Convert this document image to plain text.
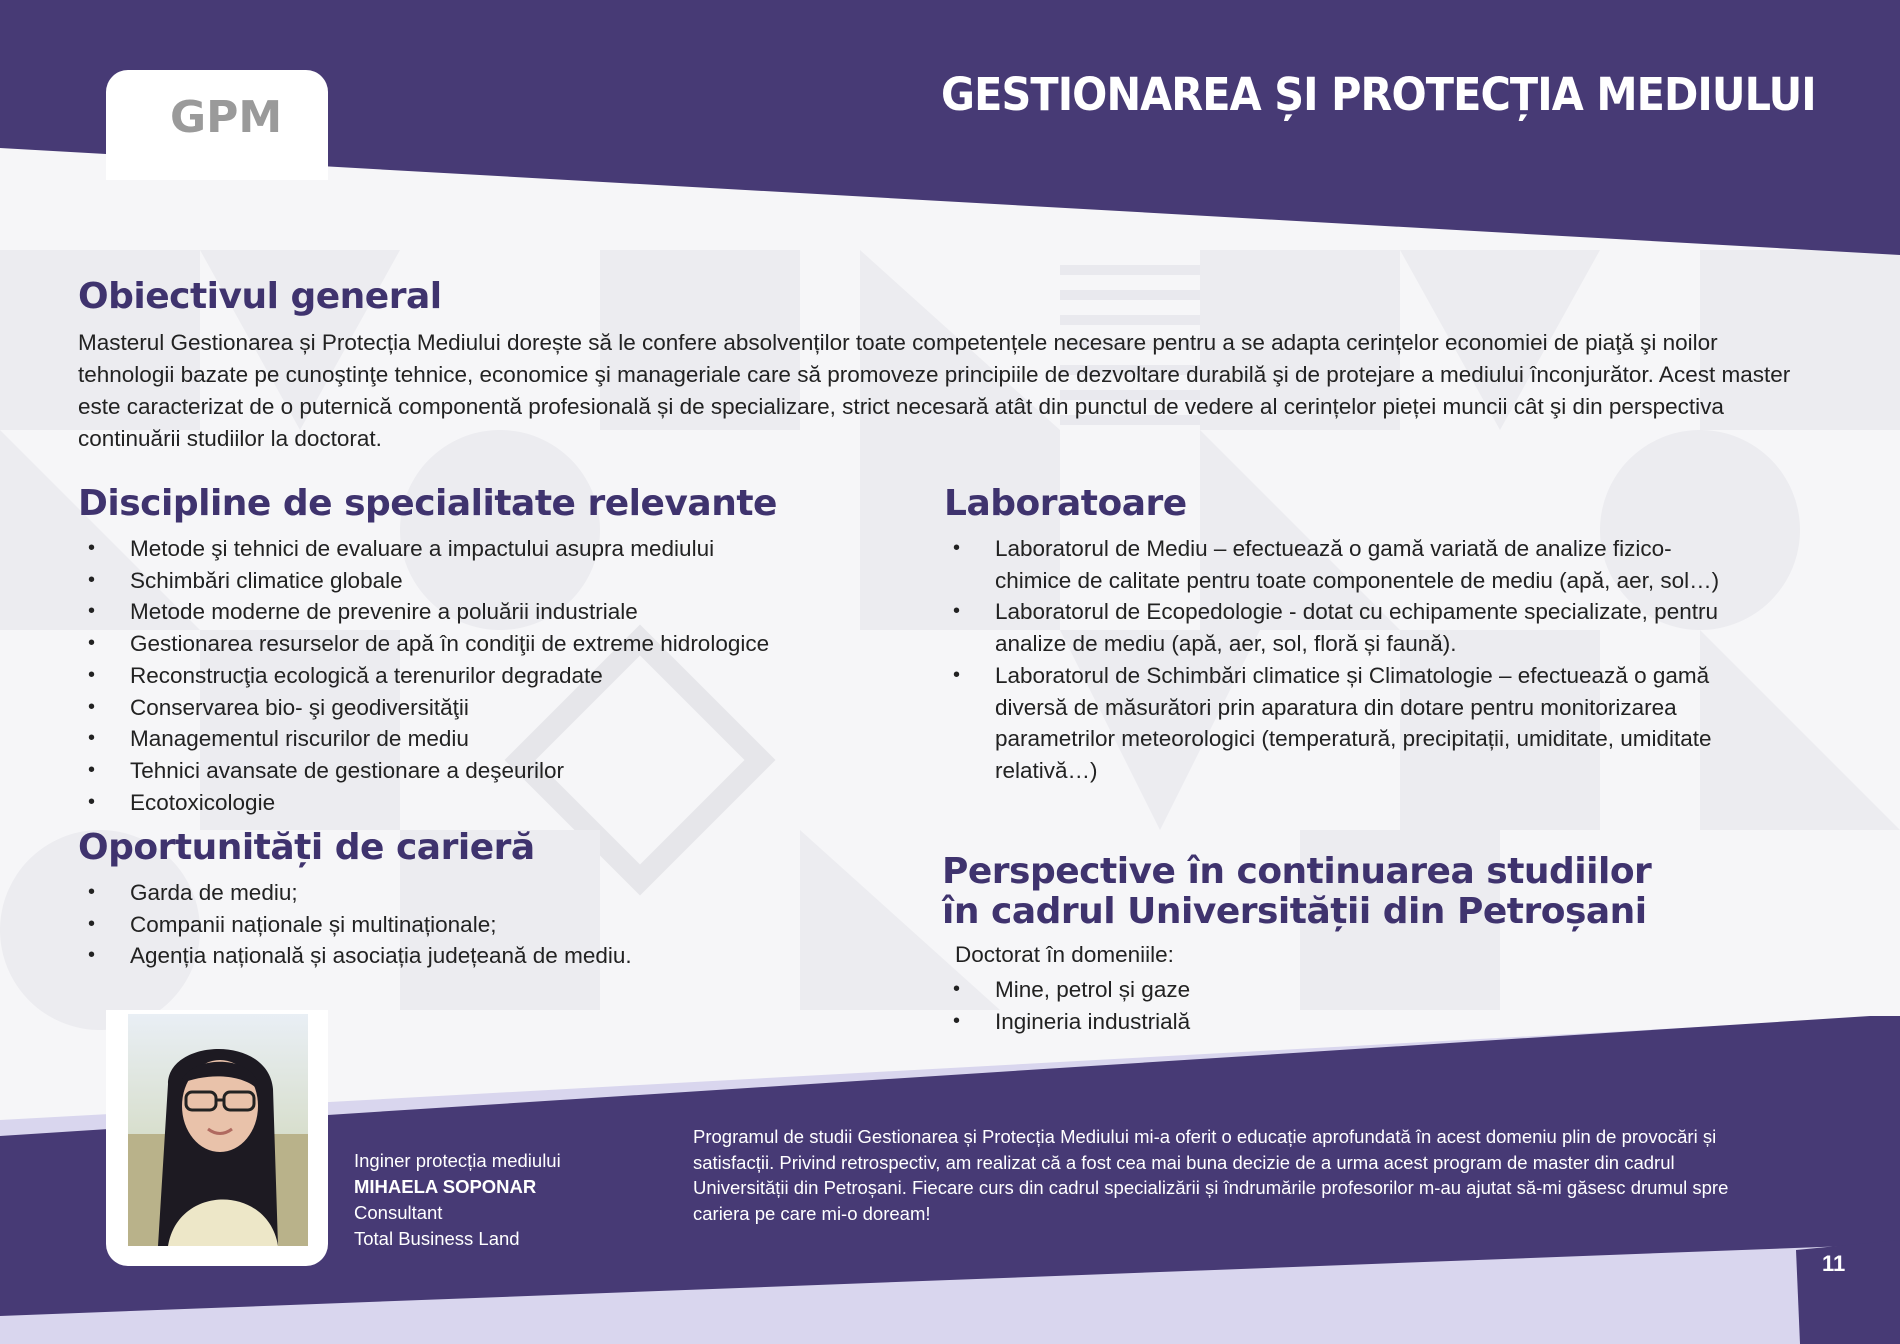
GPM	GESTIONAREA ȘI PROTECȚIA MEDIULUI
Obiectivul general
Masterul Gestionarea și Protecția Mediului dorește să le confere absolvenților toate competențele necesare pentru a se adapta cerințelor economiei de piaţă şi noilor tehnologii bazate pe cunoştinţe tehnice, economice şi manageriale care să promoveze principiile de dezvoltare durabilă şi de protejare a mediului înconjurător. Acest master este caracterizat de o puternică componentă profesională și de specializare, strict necesară atât din punctul de vedere al cerințelor pieței muncii cât şi din perspectiva continuării studiilor la doctorat.
Discipline de specialitate relevante
• Metode şi tehnici de evaluare a impactului asupra mediului
• Schimbări climatice globale
• Metode moderne de prevenire a poluării industriale
• Gestionarea resurselor de apă în condiţii de extreme hidrologice
• Reconstrucţia ecologică a terenurilor degradate
• Conservarea bio- şi geodiversităţii
• Managementul riscurilor de mediu
• Tehnici avansate de gestionare a deşeurilor
• Ecotoxicologie
Oportunități de carieră
• Garda de mediu;
• Companii naționale și multinaționale;
• Agenția națională și asociația județeană de mediu.
Laboratoare
• Laboratorul de Mediu – efectuează o gamă variată de analize fizico-chimice de calitate pentru toate componentele de mediu (apă, aer, sol…)
• Laboratorul de Ecopedologie - dotat cu echipamente specializate, pentru analize de mediu (apă, aer, sol, floră și faună).
• Laboratorul de Schimbări climatice și Climatologie – efectuează o gamă diversă de măsurători prin aparatura din dotare pentru monitorizarea parametrilor meteorologici (temperatură, precipitații, umiditate, umiditate relativă…)
Perspective în continuarea studiilor
în cadrul Universității din Petroșani
Doctorat în domeniile:
• Mine, petrol și gaze
• Ingineria industrială
Inginer protecția mediului
MIHAELA SOPONAR
Consultant
Total Business Land
Programul de studii Gestionarea și Protecția Mediului mi-a oferit o educație aprofundată în acest domeniu plin de provocări și satisfacții. Privind retrospectiv, am realizat că a fost cea mai buna decizie de a urma acest program de master din cadrul Universității din Petroșani. Fiecare curs din cadrul specializării și îndrumările profesorilor m-au ajutat să-mi găsesc drumul spre cariera pe care mi-o doream!
11
